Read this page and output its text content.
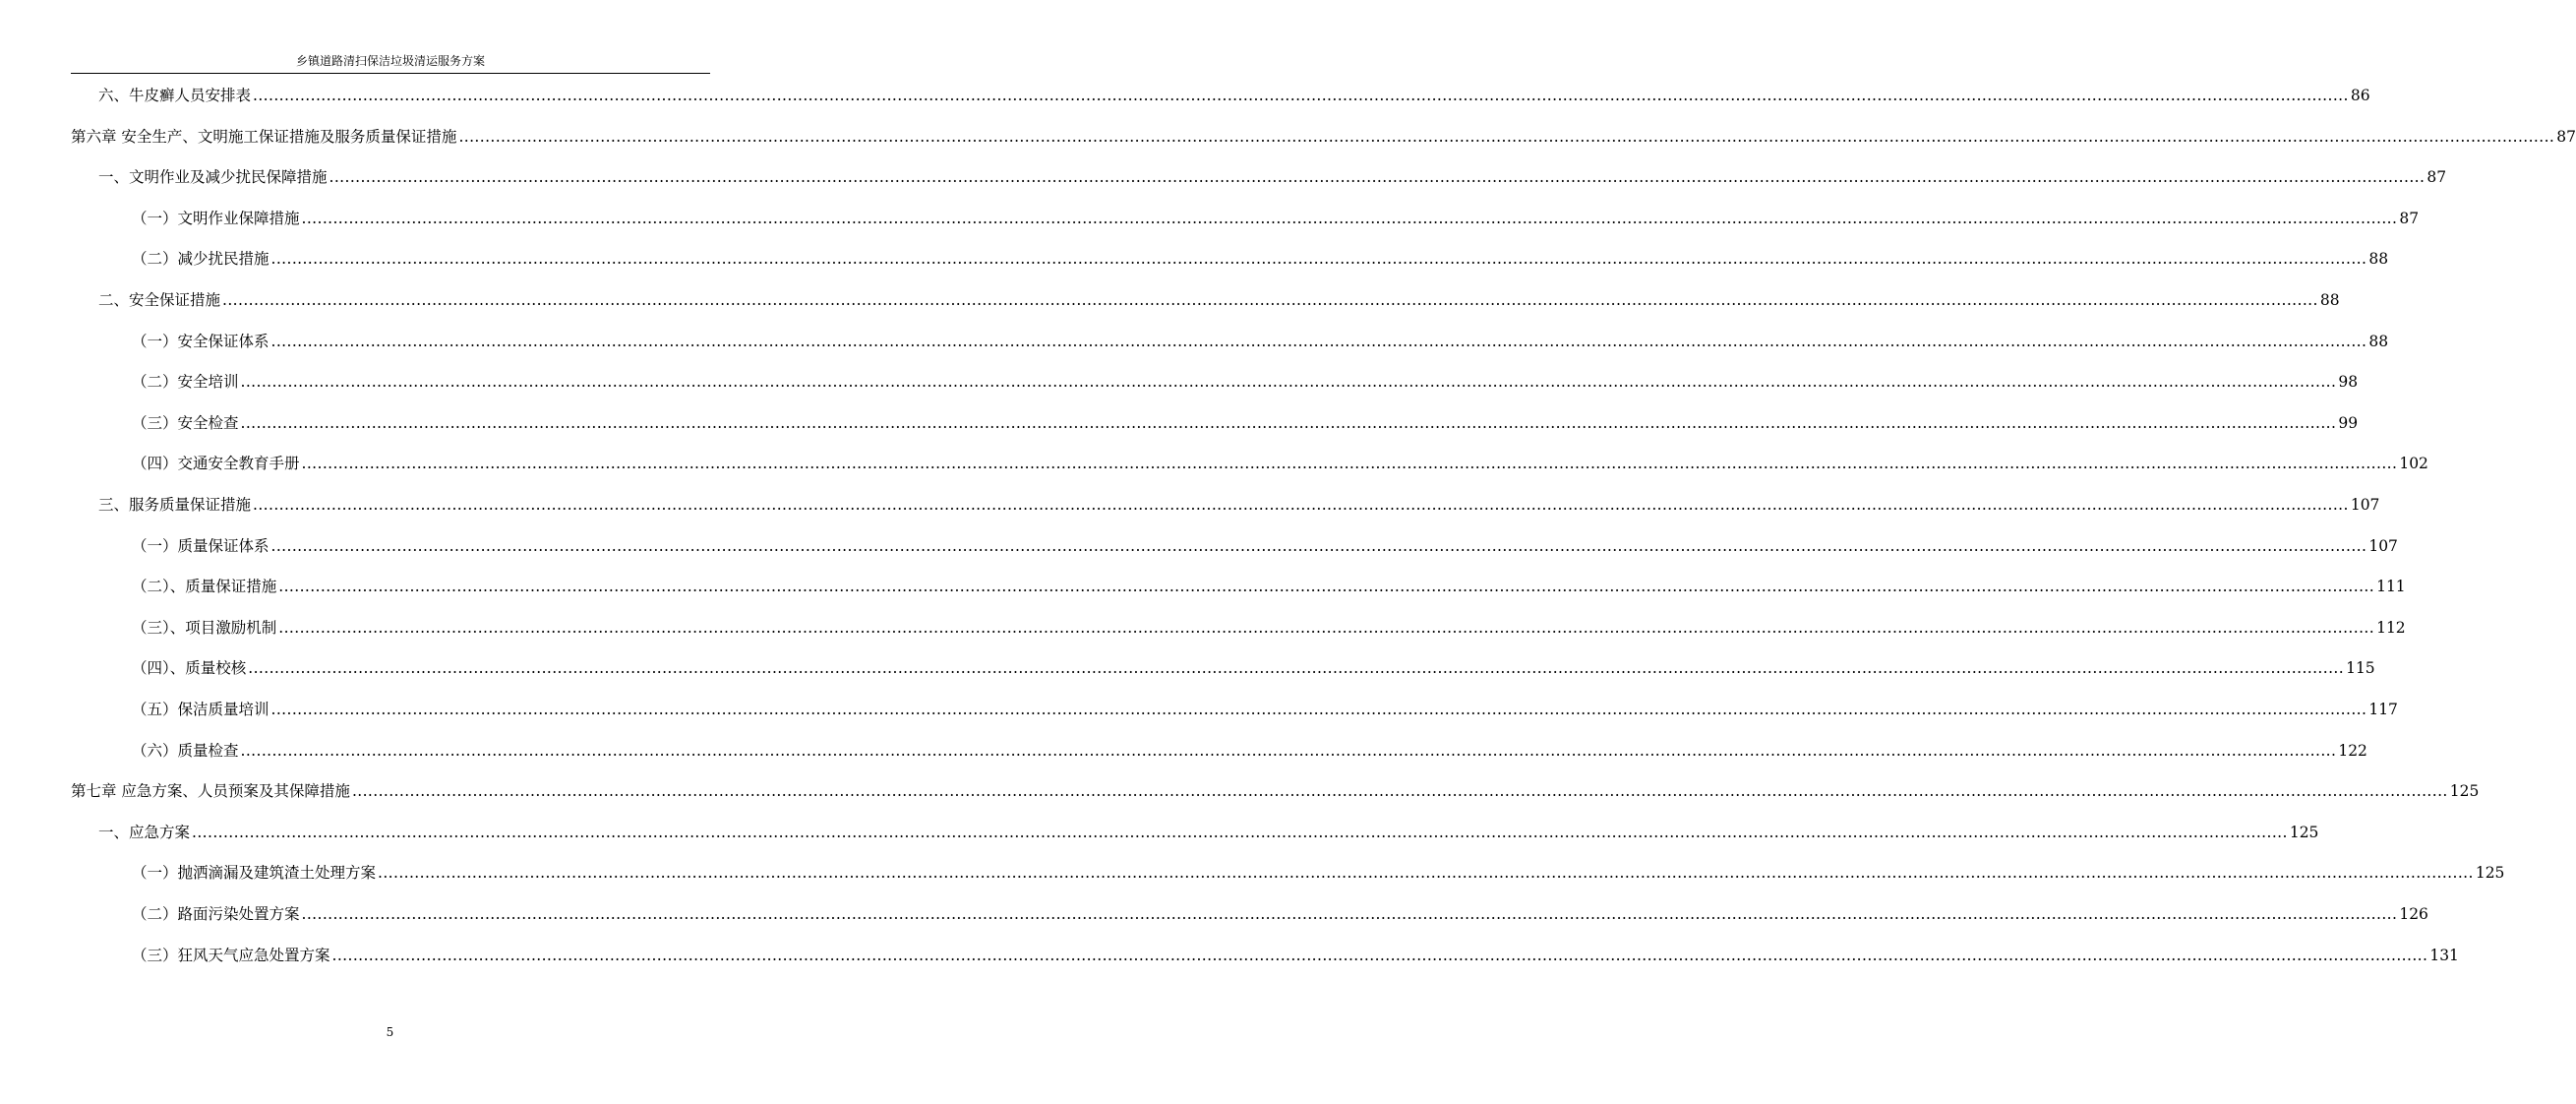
乡镇道路清扫保洁垃圾清运服务方案
六、牛皮癣人员安排表 ................................................................................................................................................................................................................................................................................................................................................................................................................ 86
第六章 安全生产、文明施工保证措施及服务质量保证措施 ................................................................................................................................................................................................................................................................................................................................................................................................................ 87
一、文明作业及减少扰民保障措施 ................................................................................................................................................................................................................................................................................................................................................................................................................ 87
（一）文明作业保障措施 ................................................................................................................................................................................................................................................................................................................................................................................................................ 87
（二）减少扰民措施 ................................................................................................................................................................................................................................................................................................................................................................................................................ 88
二、安全保证措施 ................................................................................................................................................................................................................................................................................................................................................................................................................ 88
（一）安全保证体系 ................................................................................................................................................................................................................................................................................................................................................................................................................ 88
（二）安全培训 ................................................................................................................................................................................................................................................................................................................................................................................................................ 98
（三）安全检查 ................................................................................................................................................................................................................................................................................................................................................................................................................ 99
（四）交通安全教育手册 ................................................................................................................................................................................................................................................................................................................................................................................................................ 102
三、服务质量保证措施 ................................................................................................................................................................................................................................................................................................................................................................................................................ 107
（一）质量保证体系 ................................................................................................................................................................................................................................................................................................................................................................................................................ 107
（二）、质量保证措施 ................................................................................................................................................................................................................................................................................................................................................................................................................ 111
（三）、项目激励机制 ................................................................................................................................................................................................................................................................................................................................................................................................................ 112
（四）、质量校核 ................................................................................................................................................................................................................................................................................................................................................................................................................ 115
（五）保洁质量培训 ................................................................................................................................................................................................................................................................................................................................................................................................................ 117
（六）质量检查 ................................................................................................................................................................................................................................................................................................................................................................................................................ 122
第七章 应急方案、人员预案及其保障措施 ................................................................................................................................................................................................................................................................................................................................................................................................................ 125
一、应急方案 ................................................................................................................................................................................................................................................................................................................................................................................................................ 125
（一）抛洒滴漏及建筑渣土处理方案 ................................................................................................................................................................................................................................................................................................................................................................................................................ 125
（二）路面污染处置方案 ................................................................................................................................................................................................................................................................................................................................................................................................................ 126
（三）狂风天气应急处置方案 ................................................................................................................................................................................................................................................................................................................................................................................................................ 131
5
